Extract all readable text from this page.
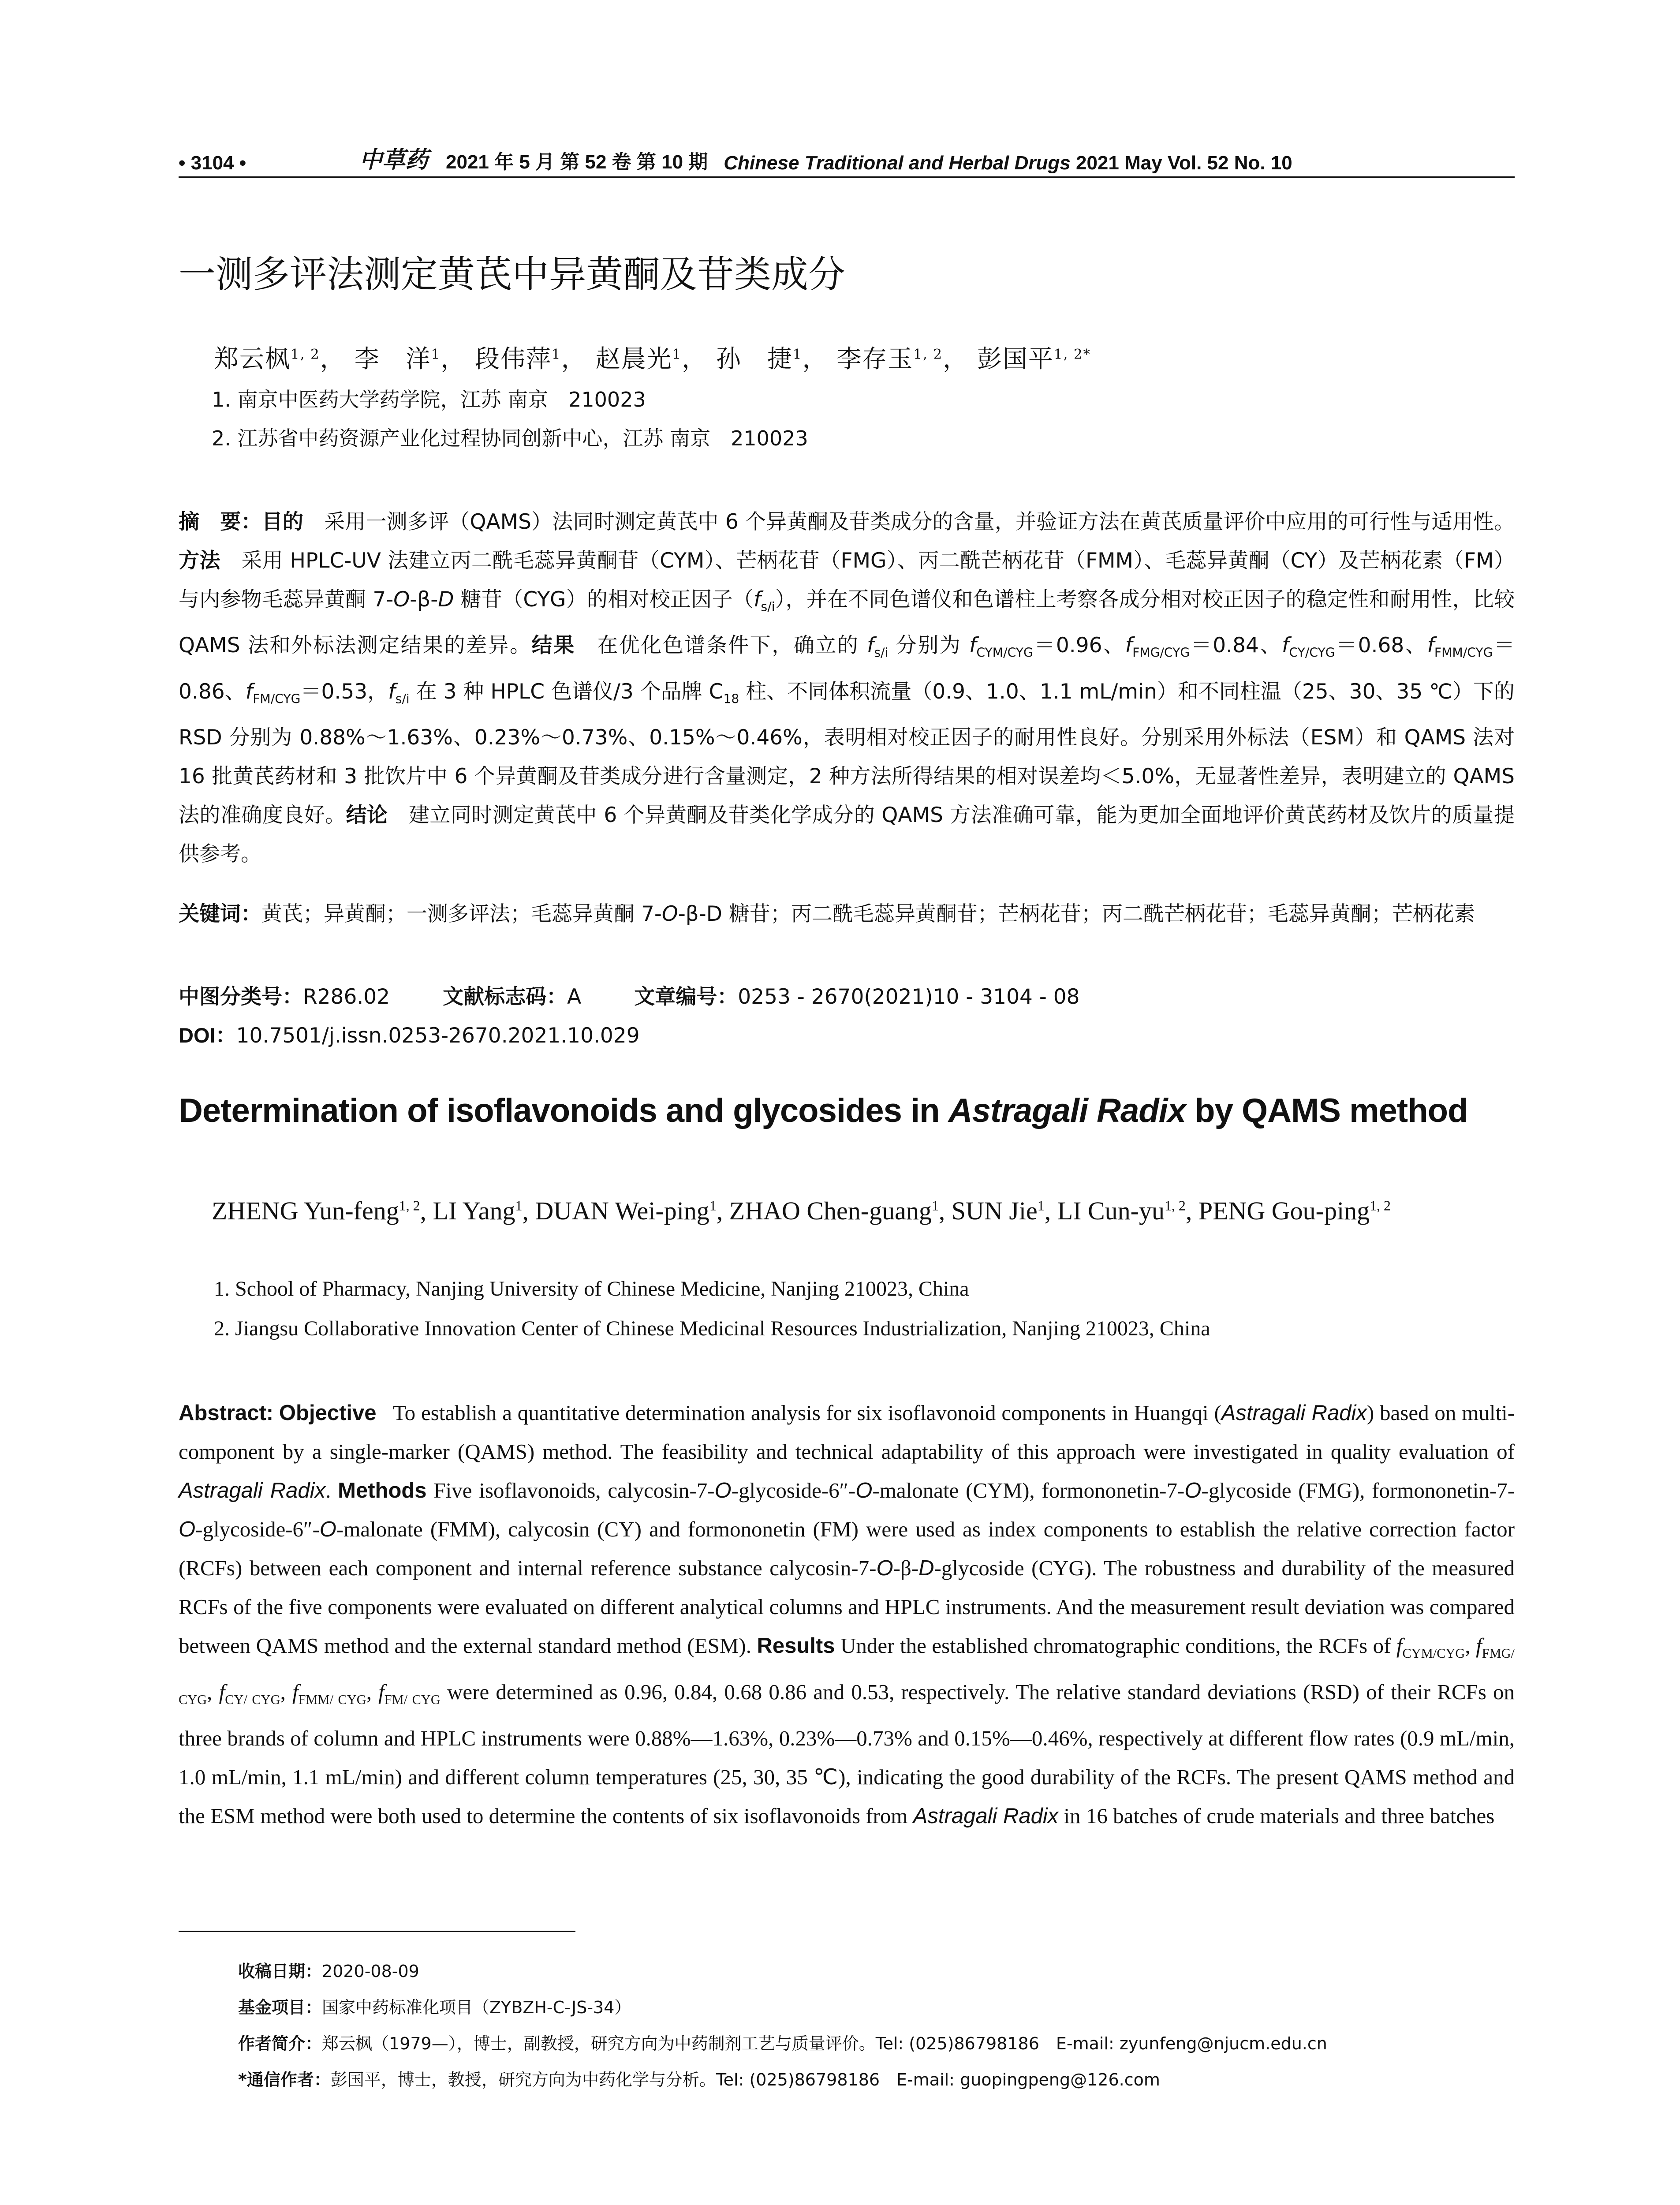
• 3104 •	中草药 2021 年 5 月 第 52 卷 第 10 期 Chinese Traditional and Herbal Drugs
2021 May Vol. 52 No. 10
一测多评法测定黄芪中异黄酮及苷类成分
郑云枫$^{1, 2}$， 李　洋$^1$， 段伟萍$^1$， 赵晨光$^1$， 孙　捷$^1$， 李存玉$^{1, 2}$， 彭国平$^{1, 2*}$
1. 南京中医药大学药学院，江苏 南京　210023
2. 江苏省中药资源产业化过程协同创新中心，江苏 南京　210023
摘　要：目的　 采用一测多评（QAMS）法同时测定黄芪中 6 个异黄酮及苷类成分的含量，并验证方法在黄芪质量评价中应用的可行性与适用性。方法　 采用 HPLC-UV 法建立丙二酰毛蕊异黄酮苷（CYM）、芒柄花苷（FMG）、丙二酰芒柄花苷（FMM）、毛蕊异黄酮（CY）及芒柄花素（FM）与内参物毛蕊异黄酮 7-O-β-D 糖苷（CYG）的相对校正因子$(f_{s/i})$，并在不同色谱仪和色谱柱上考察各成分相对校正因子的稳定性和耐用性，比较 QAMS 法和外标法测定结果的差异。结果　 在优化色谱条件下，确立的 $f_{s/i}$ 分别为 $f_{CYM/CYG}=0.96$、$f_{FMG/CYG}=0.84$、$f_{CY/CYG}=0.68$、$f_{FMM/CYG}=0.86$、$f_{FM/CYG}=0.53$，$f_{s/i}$ 在 3 种 HPLC 色谱仪/3 个品牌 $C_{18}$ 柱、不同体积流量（0.9、1.0、1.1 mL/min）和不同柱温（25、30、35 ℃）下的 RSD 分别为 0.88%～1.63%、0.23%～0.73%、0.15%～0.46%，表明相对校正因子的耐用性良好。分别采用外标法（ESM）和 QAMS 法对 16 批黄芪药材和 3 批饮片中 6 个异黄酮及苷类成分进行含量测定，2 种方法所得结果的相对误差均＜5.0%，无显著性差异，表明建立的 QAMS 法的准确度良好。结论　 建立同时测定黄芪中 6 个异黄酮及苷类化学成分的 QAMS 方法准确可靠，能为更加全面地评价黄芪药材及饮片的质量提供参考。
关键词：黄芪；异黄酮；一测多评法；毛蕊异黄酮 7-O-β-D 糖苷；丙二酰毛蕊异黄酮苷；芒柄花苷；丙二酰芒柄花苷；毛蕊异黄酮；芒柄花素
中图分类号：R286.02	文献标志码：A	文章编号：0253 - 2670(2021)10 - 3104 - 08
DOI：10.7501/j.issn.0253-2670.2021.10.029
Determination of isoflavonoids and glycosides in Astragali Radix by QAMS method
ZHENG Yun-feng$^{1, 2}$, LI Yang$^1$, DUAN Wei-ping$^1$, ZHAO Chen-guang$^1$, SUN Jie$^1$, LI Cun-yu$^{1, 2}$, PENG Gou-ping$^{1, 2}$
1. School of Pharmacy, Nanjing University of Chinese Medicine, Nanjing 210023, China
2. Jiangsu Collaborative Innovation Center of Chinese Medicinal Resources Industrialization, Nanjing 210023, China
Abstract: Objective To establish a quantitative determination analysis for six isoflavonoid components in Huangqi (Astragali Radix) based on multi-component by a single-marker (QAMS) method. The feasibility and technical adaptability of this approach were investigated in quality evaluation of Astragali Radix. Methods Five isoflavonoids, calycosin-7-O-glycoside-6″-O-malonate (CYM), formononetin-7-O-glycoside (FMG), formononetin-7-O-glycoside-6″-O-malonate (FMM), calycosin (CY) and formononetin (FM) were used as index components to establish the relative correction factor (RCFs) between each component and internal reference substance calycosin-7-O-β-D-glycoside (CYG). The robustness and durability of the measured RCFs of the five components were evaluated on different analytical columns and HPLC instruments. And the measurement result deviation was compared between QAMS method and the external standard method (ESM). Results Under the established chromatographic conditions, the RCFs of $f_{CYM/CYG}$, $f_{FMG/ CYG}$, $f_{CY/ CYG}$, $f_{FMM/ CYG}$, $f_{FM/ CYG}$ were determined as 0.96, 0.84, 0.68 0.86 and 0.53, respectively. The relative standard deviations (RSD) of their RCFs on three brands of column and HPLC instruments were 0.88%—1.63%, 0.23%—0.73% and 0.15%—0.46%, respectively at different flow rates (0.9 mL/min, 1.0 mL/min, 1.1 mL/min) and different column temperatures (25, 30, 35 ℃), indicating the good durability of the RCFs. The present QAMS method and the ESM method were both used to determine the contents of six isoflavonoids from Astragali Radix in 16 batches of crude materials and three batches
收稿日期：2020-08-09
基金项目：国家中药标准化项目（ZYBZH-C-JS-34）
作者简介：郑云枫（1979—），博士，副教授，研究方向为中药制剂工艺与质量评价。Tel: (025)86798186　E-mail: zyunfeng@njucm.edu.cn
*通信作者：彭国平，博士，教授，研究方向为中药化学与分析。Tel: (025)86798186　E-mail: guopingpeng@126.com
